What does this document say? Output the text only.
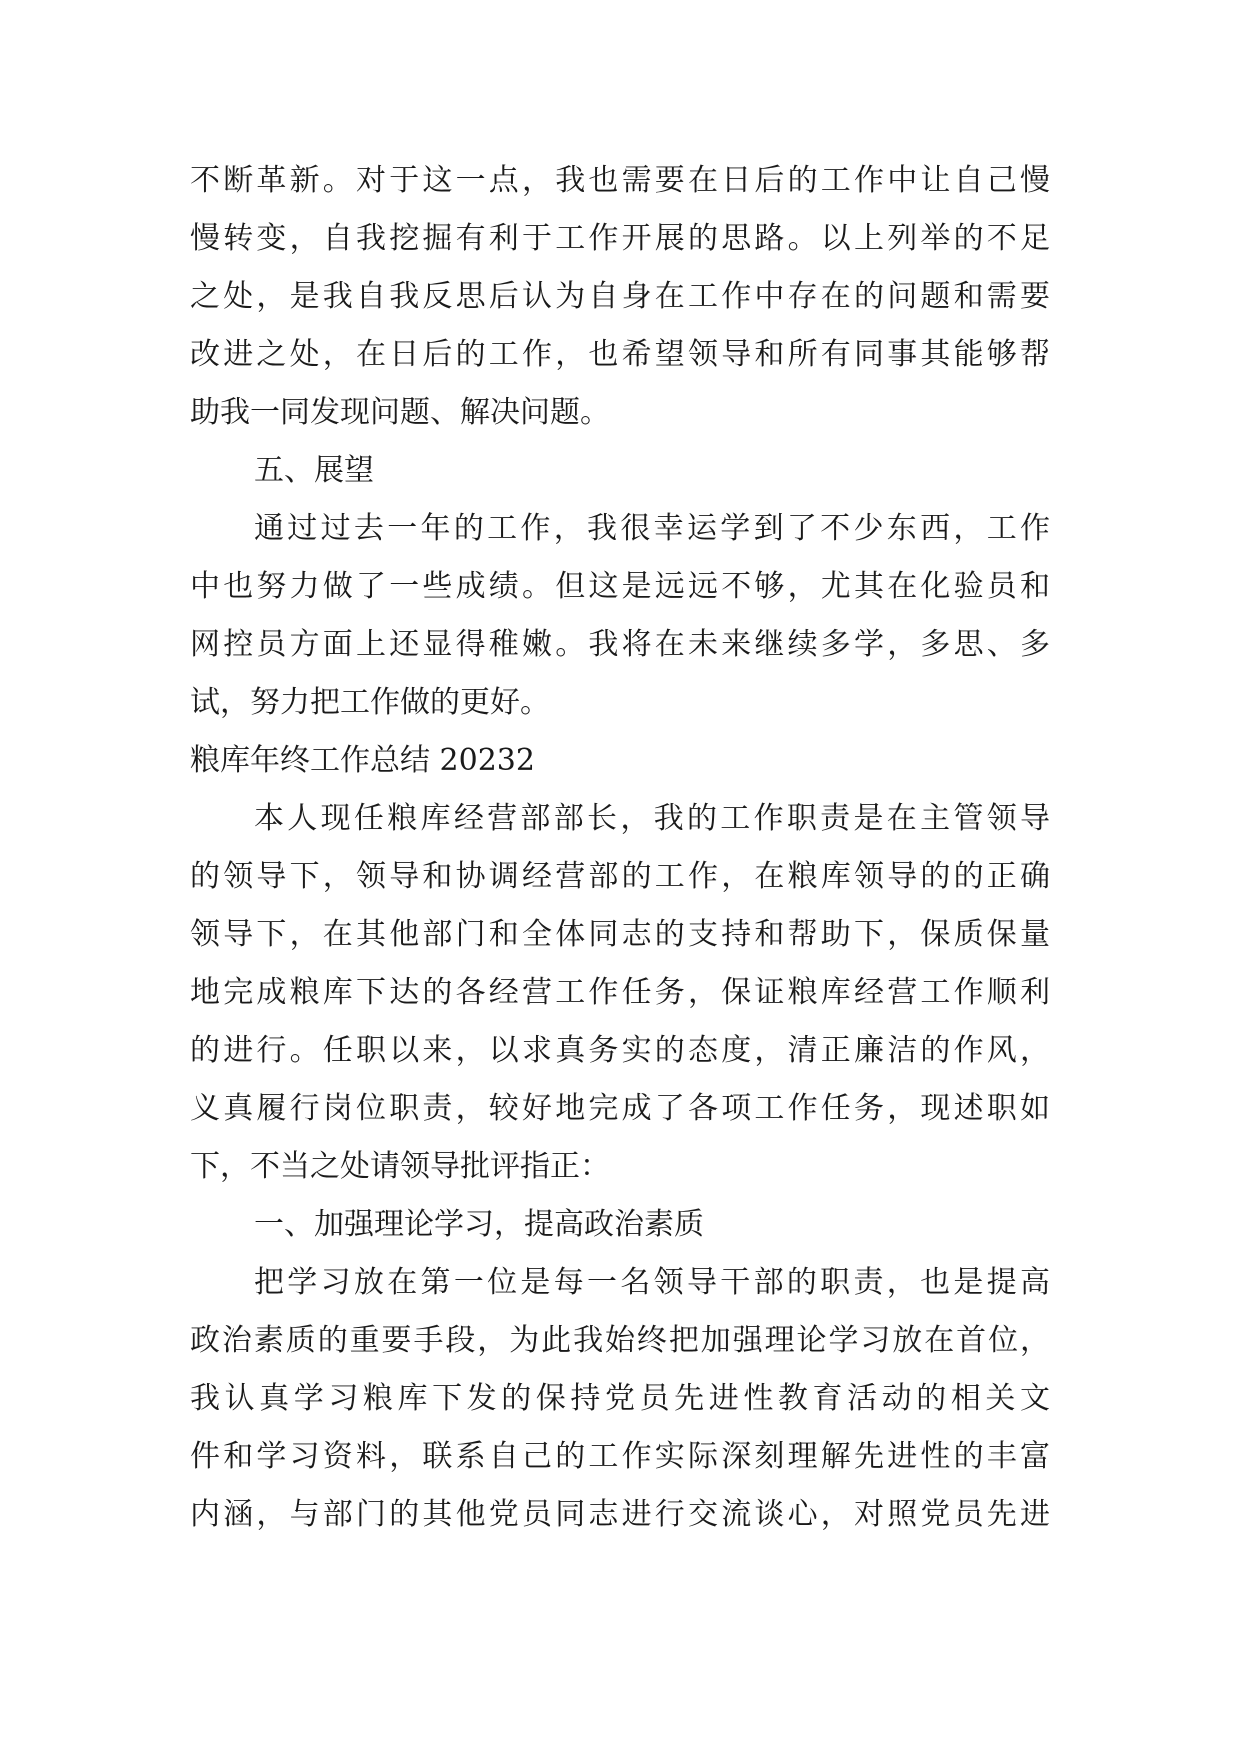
不断革新。对于这一点，我也需要在日后的工作中让自己慢
慢转变，自我挖掘有利于工作开展的思路。以上列举的不足
之处，是我自我反思后认为自身在工作中存在的问题和需要
改进之处，在日后的工作，也希望领导和所有同事其能够帮
助我一同发现问题、解决问题。
五、展望
通过过去一年的工作，我很幸运学到了不少东西，工作
中也努力做了一些成绩。但这是远远不够，尤其在化验员和
网控员方面上还显得稚嫩。我将在未来继续多学，多思、多
试，努力把工作做的更好。
粮库年终工作总结 20232
本人现任粮库经营部部长，我的工作职责是在主管领导
的领导下，领导和协调经营部的工作，在粮库领导的的正确
领导下，在其他部门和全体同志的支持和帮助下，保质保量
地完成粮库下达的各经营工作任务，保证粮库经营工作顺利
的进行。任职以来，以求真务实的态度，清正廉洁的作风，
义真履行岗位职责，较好地完成了各项工作任务，现述职如
下，不当之处请领导批评指正：
一、加强理论学习，提高政治素质
把学习放在第一位是每一名领导干部的职责，也是提高
政治素质的重要手段，为此我始终把加强理论学习放在首位，
我认真学习粮库下发的保持党员先进性教育活动的相关文
件和学习资料，联系自己的工作实际深刻理解先进性的丰富
内涵，与部门的其他党员同志进行交流谈心，对照党员先进
